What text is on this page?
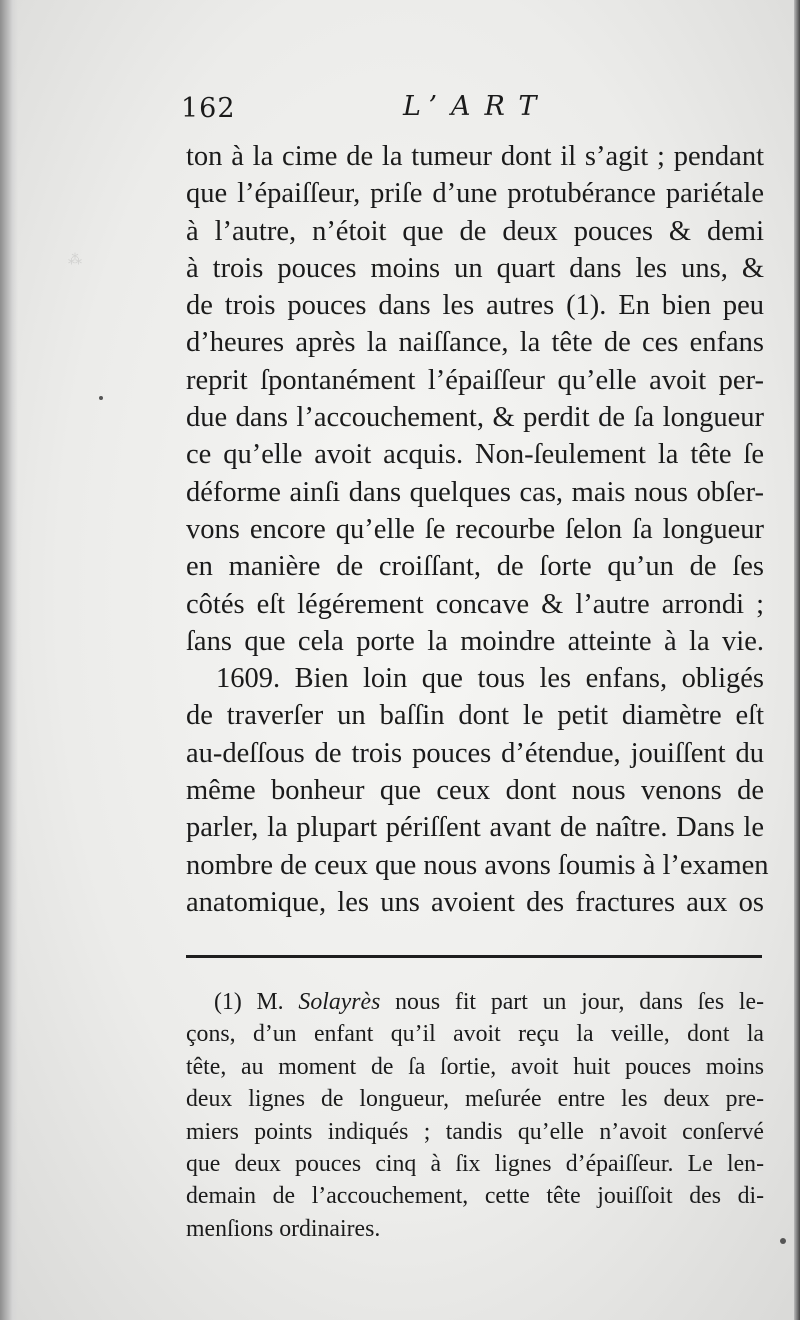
⁂
162	L’ART
ton à la cime de la tumeur dont il s’agit ; pendant
que l’épaiſſeur, priſe d’une protubérance pariétale
à l’autre, n’étoit que de deux pouces & demi
à trois pouces moins un quart dans les uns, &
de trois pouces dans les autres (1). En bien peu
d’heures après la naiſſance, la tête de ces enfans
reprit ſpontanément l’épaiſſeur qu’elle avoit per-
due dans l’accouchement, & perdit de ſa longueur
ce qu’elle avoit acquis. Non-ſeulement la tête ſe
déforme ainſi dans quelques cas, mais nous obſer-
vons encore qu’elle ſe recourbe ſelon ſa longueur
en manière de croiſſant, de ſorte qu’un de ſes
côtés eſt légérement concave & l’autre arrondi ;
ſans que cela porte la moindre atteinte à la vie.
1609. Bien loin que tous les enfans, obligés
de traverſer un baſſin dont le petit diamètre eſt
au-deſſous de trois pouces d’étendue, jouiſſent du
même bonheur que ceux dont nous venons de
parler, la plupart périſſent avant de naître. Dans le
nombre de ceux que nous avons ſoumis à l’examen
anatomique, les uns avoient des fractures aux os
(1) M. Solayrès nous fit part un jour, dans ſes le-
çons, d’un enfant qu’il avoit reçu la veille, dont la
tête, au moment de ſa ſortie, avoit huit pouces moins
deux lignes de longueur, meſurée entre les deux pre-
miers points indiqués ; tandis qu’elle n’avoit conſervé
que deux pouces cinq à ſix lignes d’épaiſſeur. Le len-
demain de l’accouchement, cette tête jouiſſoit des di-
menſions ordinaires.
